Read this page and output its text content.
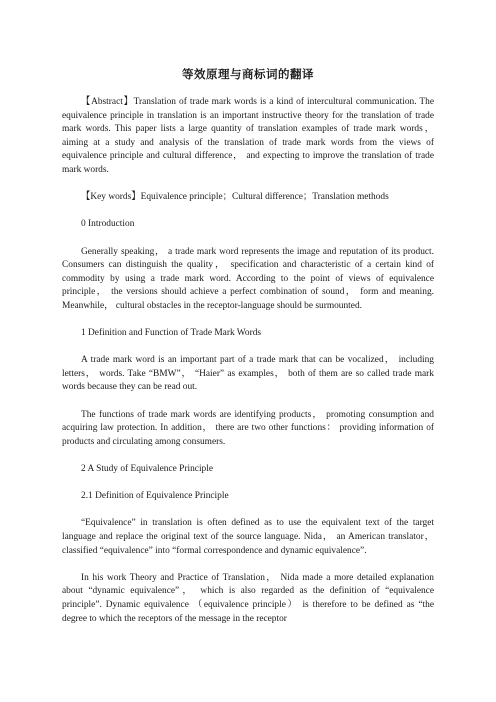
等效原理与商标词的翻译

【Abstract】Translation of trade mark words is a kind of intercultural communication. The equivalence principle in translation is an important instructive theory for the translation of trade mark words. This paper lists a large quantity of translation examples of trade mark words， aiming at a study and analysis of the translation of trade mark words from the views of equivalence principle and cultural difference， and expecting to improve the translation of trade mark words.

【Key words】Equivalence principle；Cultural difference；Translation methods

0 Introduction

Generally speaking， a trade mark word represents the image and reputation of its product. Consumers can distinguish the quality， specification and characteristic of a certain kind of commodity by using a trade mark word. According to the point of views of equivalence principle， the versions should achieve a perfect combination of sound， form and meaning. Meanwhile， cultural obstacles in the receptor-language should be surmounted.

1 Definition and Function of Trade Mark Words

A trade mark word is an important part of a trade mark that can be vocalized， including letters， words. Take “BMW”， “Haier” as examples， both of them are so called trade mark words because they can be read out.

The functions of trade mark words are identifying products， promoting consumption and acquiring law protection. In addition， there are two other functions： providing information of products and circulating among consumers.

2 A Study of Equivalence Principle

2.1 Definition of Equivalence Principle

“Equivalence” in translation is often defined as to use the equivalent text of the target language and replace the original text of the source language. Nida， an American translator， classified “equivalence” into “formal correspondence and dynamic equivalence”.

In his work Theory and Practice of Translation， Nida made a more detailed explanation about “dynamic equivalence”， which is also regarded as the definition of “equivalence principle”. Dynamic equivalence （equivalence principle） is therefore to be defined as “the degree to which the receptors of the message in the receptor
